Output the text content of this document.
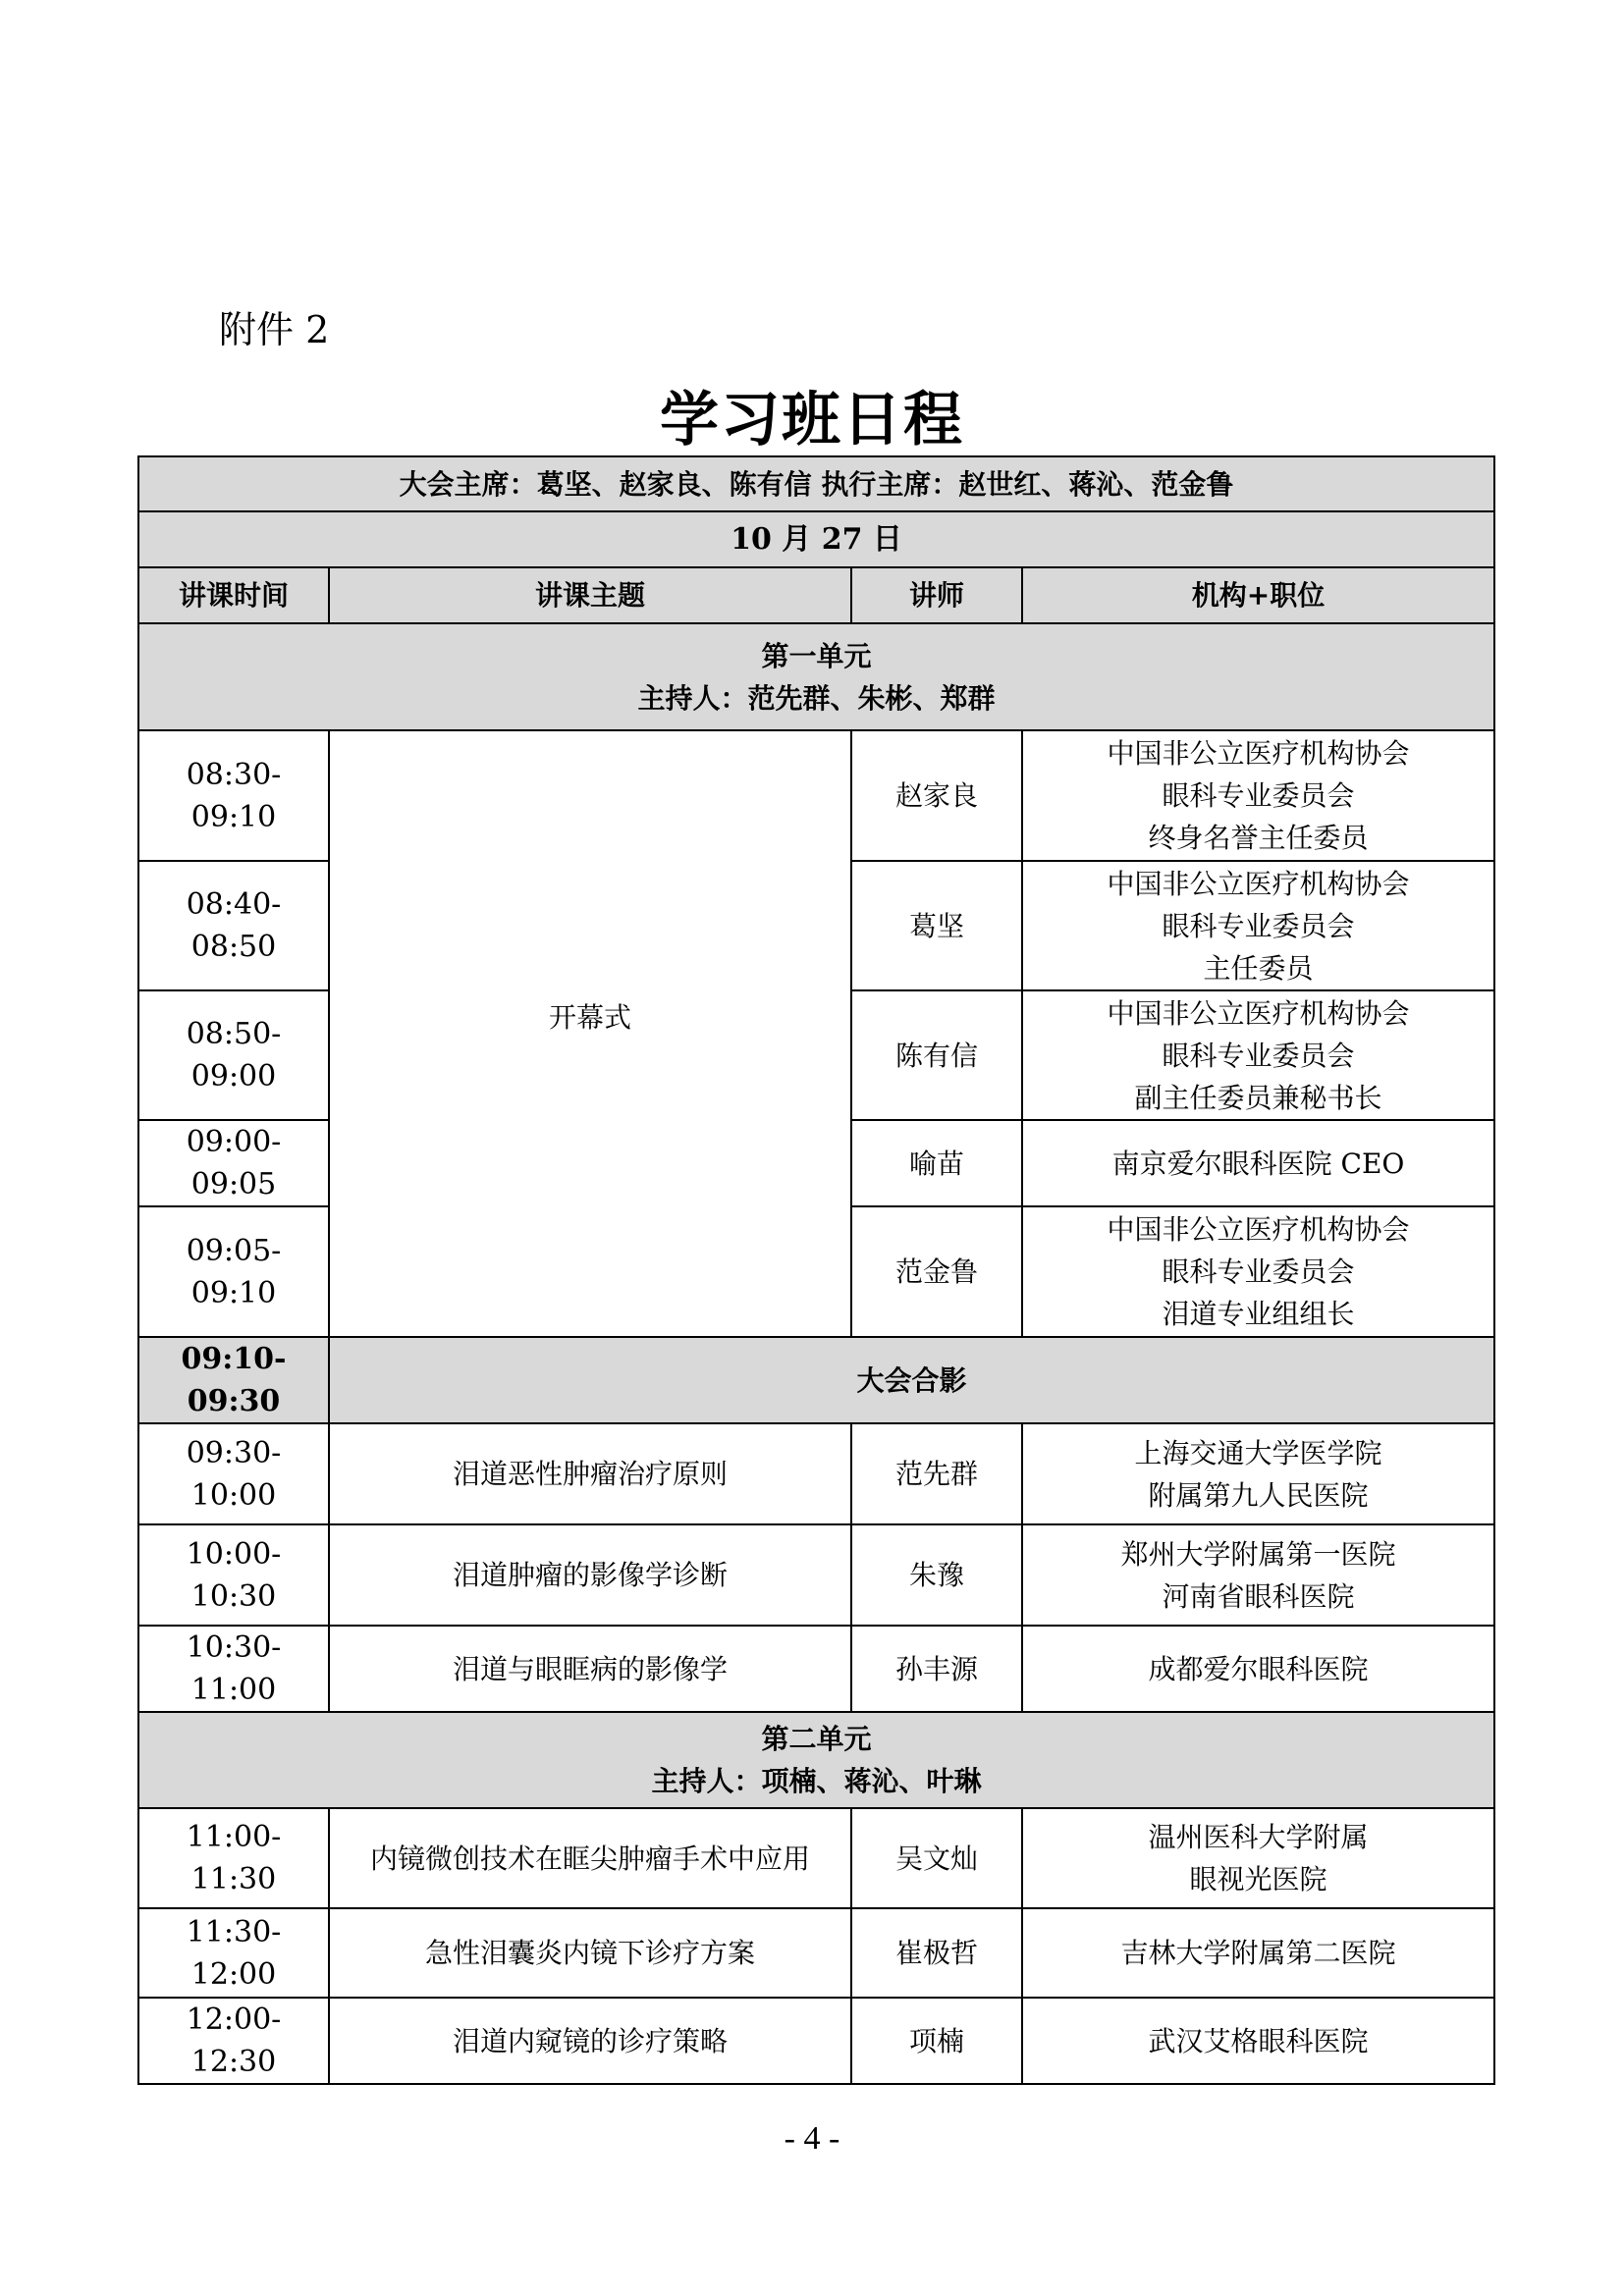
附件 2
学习班日程
大会主席：葛坚、赵家良、陈有信 执行主席：赵世红、蒋沁、范金鲁			
10 月 27 日			
讲课时间	讲课主题	讲师	机构+职位

第一单元
主持人：范先群、朱彬、郑群			

08:30-09:10	开幕式	赵家良	中国非公立医疗机构协会
眼科专业委员会
终身名誉主任委员

08:40-08:50		葛坚	中国非公立医疗机构协会
眼科专业委员会
主任委员

08:50-09:00		陈有信	中国非公立医疗机构协会
眼科专业委员会
副主任委员兼秘书长

09:00-09:05		喻苗	南京爱尔眼科医院 CEO

09:05-09:10		范金鲁	中国非公立医疗机构协会
眼科专业委员会
泪道专业组组长

09:10-09:30	大会合影		
09:30-10:00	泪道恶性肿瘤治疗原则	范先群	上海交通大学医学院
附属第九人民医院

10:00-10:30	泪道肿瘤的影像学诊断	朱豫	郑州大学附属第一医院
河南省眼科医院

10:30-11:00	泪道与眼眶病的影像学	孙丰源	成都爱尔眼科医院

第二单元
主持人：项楠、蒋沁、叶琳			

11:00-11:30	内镜微创技术在眶尖肿瘤手术中应用	吴文灿	温州医科大学附属
眼视光医院

11:30-12:00	急性泪囊炎内镜下诊疗方案	崔极哲	吉林大学附属第二医院

12:00-12:30	泪道内窥镜的诊疗策略	项楠	武汉艾格眼科医院
- 4 -
